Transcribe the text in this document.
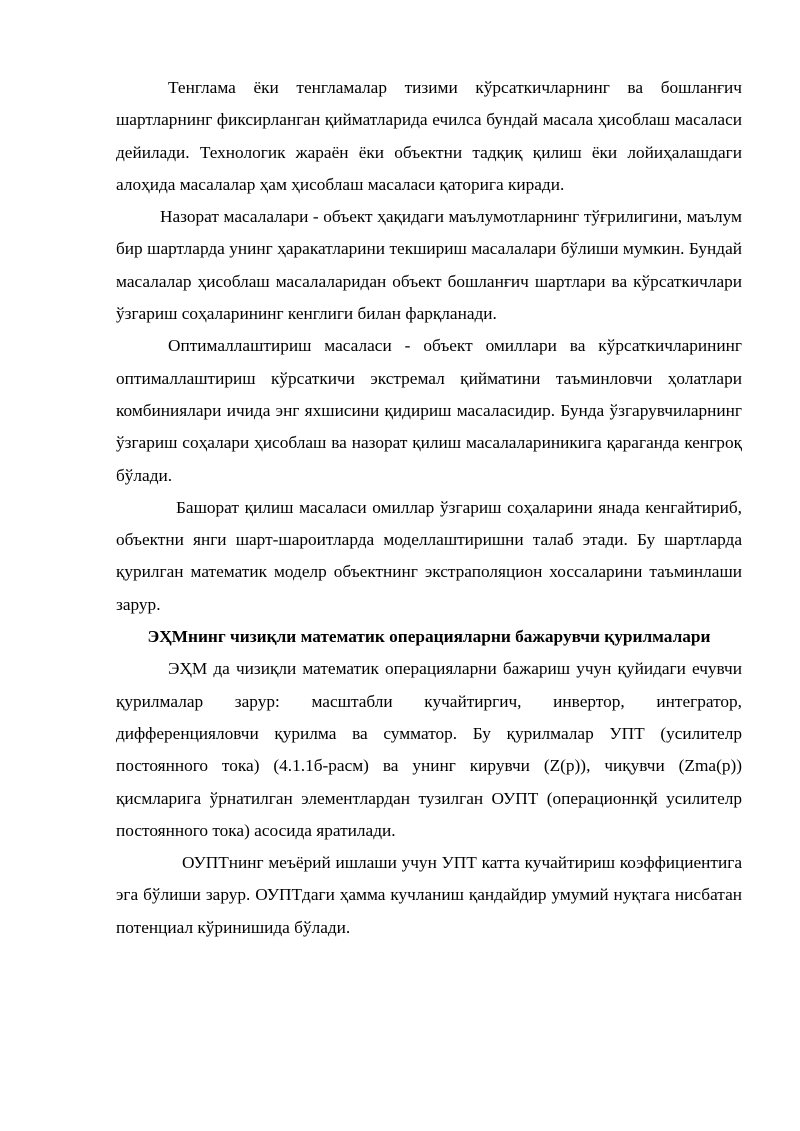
Тенглама ёки тенгламалар тизими кўрсаткичларнинг ва бошланғич шартларнинг фиксирланган қийматларида ечилса бундай масала ҳисоблаш масаласи дейилади. Технологик жараён ёки объектни тадқиқ қилиш ёки лойиҳалашдаги алоҳида масалалар ҳам ҳисоблаш масаласи қаторига киради.

Назорат масалалари - объект ҳақидаги маълумотларнинг тўғрилигини, маълум бир шартларда унинг ҳаракатларини текшириш масалалари бўлиши мумкин. Бундай масалалар ҳисоблаш масалаларидан объект бошланғич шартлари ва кўрсаткичлари ўзгариш соҳаларининг кенглиги билан фарқланади.

Оптималлаштириш масаласи - объект омиллари ва кўрсаткичларининг оптималлаштириш кўрсаткичи экстремал қийматини таъминловчи ҳолатлари комбиниялари ичида энг яхшисини қидириш масаласидир. Бунда ўзгарувчиларнинг ўзгариш соҳалари ҳисоблаш ва назорат қилиш масалалариникига қараганда кенгроқ бўлади.

Башорат қилиш масаласи омиллар ўзгариш соҳаларини янада кенгайтириб, объектни янги шарт-шароитларда моделлаштиришни талаб этади. Бу шартларда қурилган математик моделр объектнинг экстраполяцион хоссаларини таъминлаши зарур.

ЭҲМнинг чизиқли математик операцияларни бажарувчи қурилмалари

ЭҲМ да чизиқли математик операцияларни бажариш учун қуйидаги ечувчи қурилмалар зарур: масштабли кучайтиргич, инвертор, интегратор, дифференцияловчи қурилма ва сумматор. Бу қурилмалар УПТ (усилителр постоянного тока) (4.1.1б-расм) ва унинг кирувчи (Z(p)), чиқувчи (Zma(p)) қисмларига ўрнатилган элементлардан тузилган ОУПТ (операционнқй усилителр постоянного тока) асосида яратилади.

ОУПТнинг меъёрий ишлаши учун УПТ катта кучайтириш коэффициентига эга бўлиши зарур. ОУПТдаги ҳамма кучланиш қандайдир умумий нуқтага нисбатан потенциал кўринишида бўлади.
